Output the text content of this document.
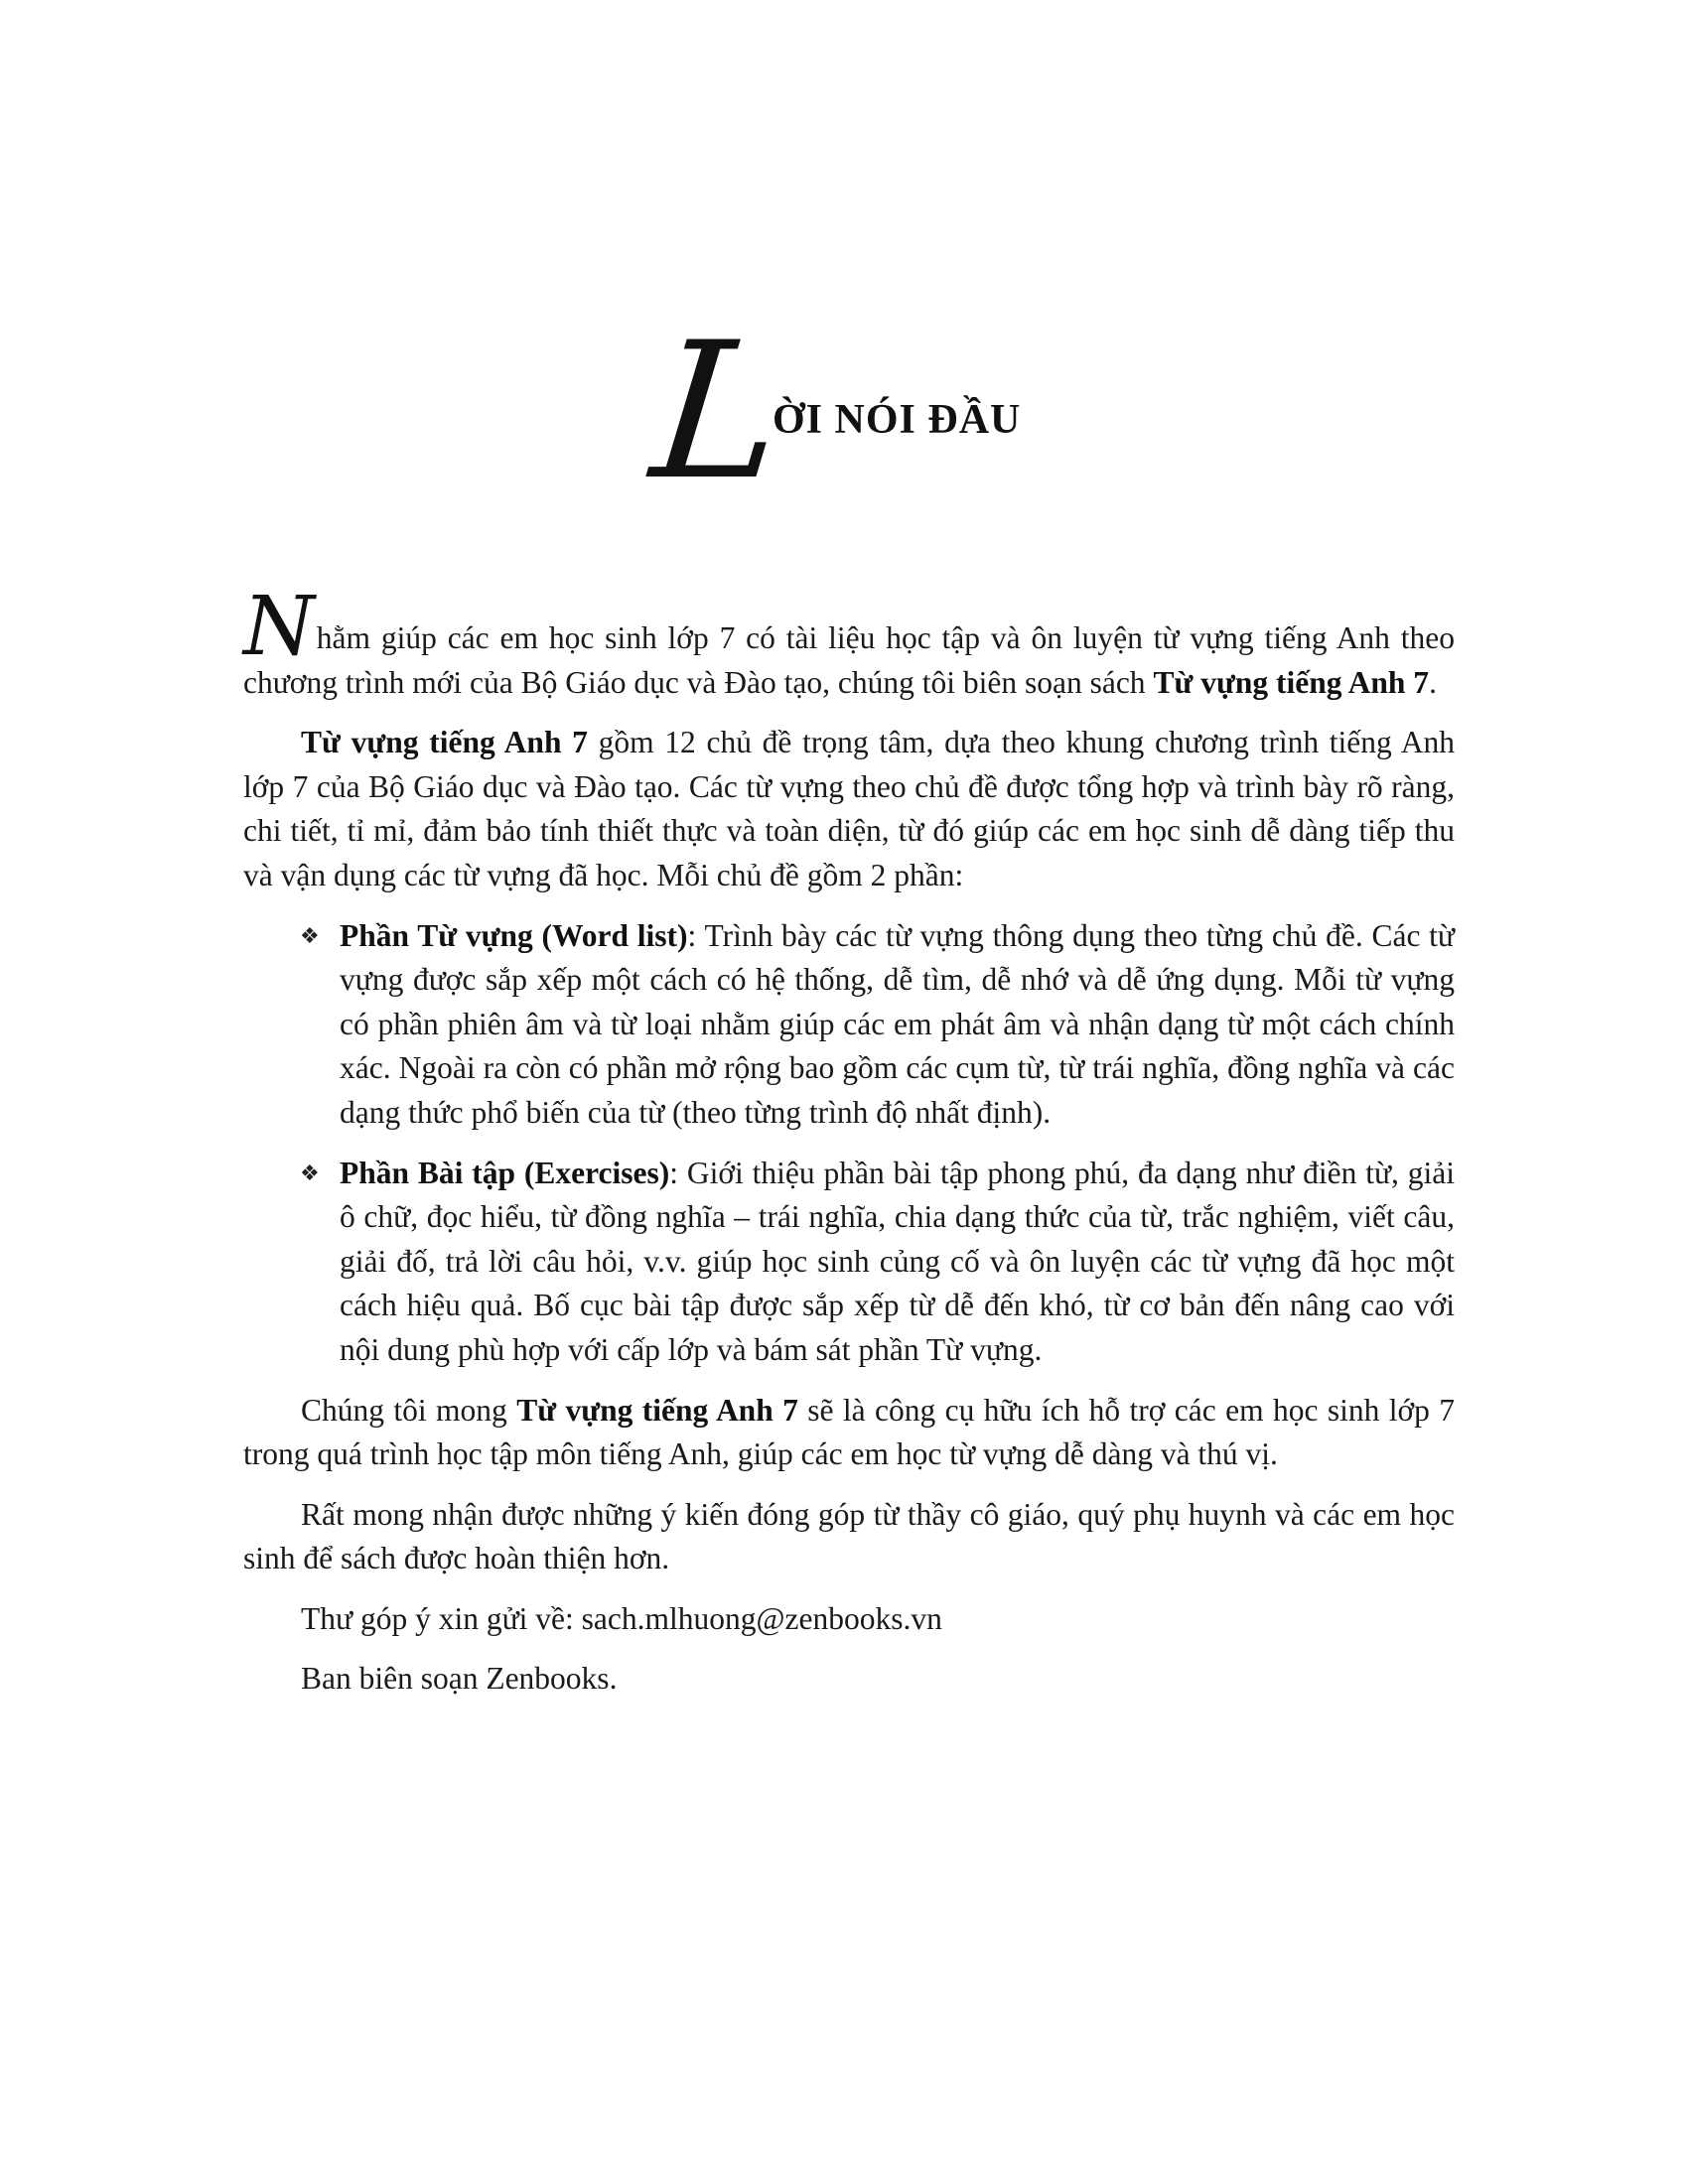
L
ỜI NÓI ĐẦU

Nhằm giúp các em học sinh lớp 7 có tài liệu học tập và ôn luyện từ vựng tiếng Anh theo chương trình mới của Bộ Giáo dục và Đào tạo, chúng tôi biên soạn sách Từ vựng tiếng Anh 7.

Từ vựng tiếng Anh 7 gồm 12 chủ đề trọng tâm, dựa theo khung chương trình tiếng Anh lớp 7 của Bộ Giáo dục và Đào tạo. Các từ vựng theo chủ đề được tổng hợp và trình bày rõ ràng, chi tiết, tỉ mỉ, đảm bảo tính thiết thực và toàn diện, từ đó giúp các em học sinh dễ dàng tiếp thu và vận dụng các từ vựng đã học. Mỗi chủ đề gồm 2 phần:

❖ Phần Từ vựng (Word list): Trình bày các từ vựng thông dụng theo từng chủ đề. Các từ vựng được sắp xếp một cách có hệ thống, dễ tìm, dễ nhớ và dễ ứng dụng. Mỗi từ vựng có phần phiên âm và từ loại nhằm giúp các em phát âm và nhận dạng từ một cách chính xác. Ngoài ra còn có phần mở rộng bao gồm các cụm từ, từ trái nghĩa, đồng nghĩa và các dạng thức phổ biến của từ (theo từng trình độ nhất định).
❖ Phần Bài tập (Exercises): Giới thiệu phần bài tập phong phú, đa dạng như điền từ, giải ô chữ, đọc hiểu, từ đồng nghĩa – trái nghĩa, chia dạng thức của từ, trắc nghiệm, viết câu, giải đố, trả lời câu hỏi, v.v. giúp học sinh củng cố và ôn luyện các từ vựng đã học một cách hiệu quả. Bố cục bài tập được sắp xếp từ dễ đến khó, từ cơ bản đến nâng cao với nội dung phù hợp với cấp lớp và bám sát phần Từ vựng.

Chúng tôi mong Từ vựng tiếng Anh 7 sẽ là công cụ hữu ích hỗ trợ các em học sinh lớp 7 trong quá trình học tập môn tiếng Anh, giúp các em học từ vựng dễ dàng và thú vị.

Rất mong nhận được những ý kiến đóng góp từ thầy cô giáo, quý phụ huynh và các em học sinh để sách được hoàn thiện hơn.

Thư góp ý xin gửi về: sach.mlhuong@zenbooks.vn

Ban biên soạn Zenbooks.
